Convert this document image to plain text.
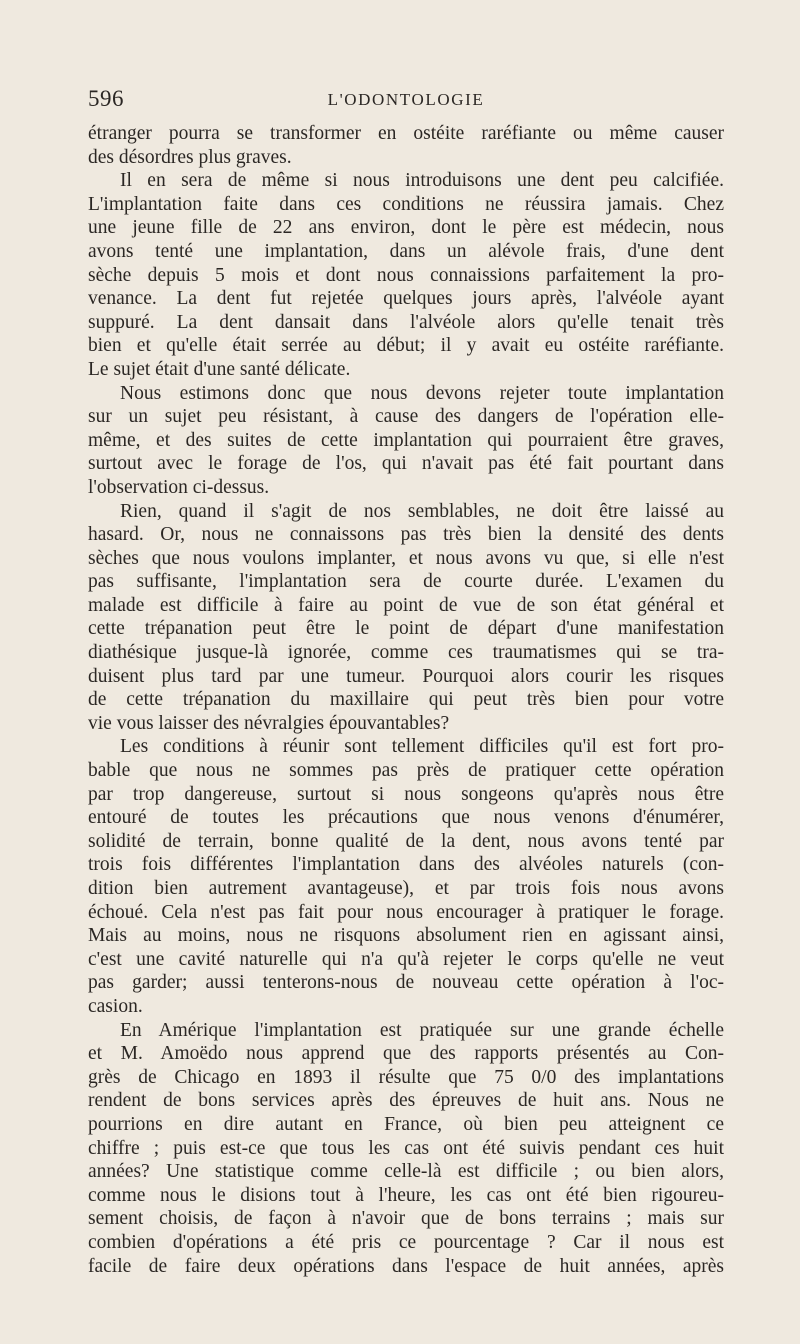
596	L'ODONTOLOGIE
étranger pourra se transformer en ostéite raréfiante ou même causer
des désordres plus graves.
Il en sera de même si nous introduisons une dent peu calcifiée.
L'implantation faite dans ces conditions ne réussira jamais. Chez
une jeune fille de 22 ans environ, dont le père est médecin, nous
avons tenté une implantation, dans un alévole frais, d'une dent
sèche depuis 5 mois et dont nous connaissions parfaitement la pro-
venance. La dent fut rejetée quelques jours après, l'alvéole ayant
suppuré. La dent dansait dans l'alvéole alors qu'elle tenait très
bien et qu'elle était serrée au début; il y avait eu ostéite raréfiante.
Le sujet était d'une santé délicate.
Nous estimons donc que nous devons rejeter toute implantation
sur un sujet peu résistant, à cause des dangers de l'opération elle-
même, et des suites de cette implantation qui pourraient être graves,
surtout avec le forage de l'os, qui n'avait pas été fait pourtant dans
l'observation ci-dessus.
Rien, quand il s'agit de nos semblables, ne doit être laissé au
hasard. Or, nous ne connaissons pas très bien la densité des dents
sèches que nous voulons implanter, et nous avons vu que, si elle n'est
pas suffisante, l'implantation sera de courte durée. L'examen du
malade est difficile à faire au point de vue de son état général et
cette trépanation peut être le point de départ d'une manifestation
diathésique jusque-là ignorée, comme ces traumatismes qui se tra-
duisent plus tard par une tumeur. Pourquoi alors courir les risques
de cette trépanation du maxillaire qui peut très bien pour votre
vie vous laisser des névralgies épouvantables?
Les conditions à réunir sont tellement difficiles qu'il est fort pro-
bable que nous ne sommes pas près de pratiquer cette opération
par trop dangereuse, surtout si nous songeons qu'après nous être
entouré de toutes les précautions que nous venons d'énumérer,
solidité de terrain, bonne qualité de la dent, nous avons tenté par
trois fois différentes l'implantation dans des alvéoles naturels (con-
dition bien autrement avantageuse), et par trois fois nous avons
échoué. Cela n'est pas fait pour nous encourager à pratiquer le forage.
Mais au moins, nous ne risquons absolument rien en agissant ainsi,
c'est une cavité naturelle qui n'a qu'à rejeter le corps qu'elle ne veut
pas garder; aussi tenterons-nous de nouveau cette opération à l'oc-
casion.
En Amérique l'implantation est pratiquée sur une grande échelle
et M. Amoëdo nous apprend que des rapports présentés au Con-
grès de Chicago en 1893 il résulte que 75 0/0 des implantations
rendent de bons services après des épreuves de huit ans. Nous ne
pourrions en dire autant en France, où bien peu atteignent ce
chiffre ; puis est-ce que tous les cas ont été suivis pendant ces huit
années? Une statistique comme celle-là est difficile ; ou bien alors,
comme nous le disions tout à l'heure, les cas ont été bien rigoureu-
sement choisis, de façon à n'avoir que de bons terrains ; mais sur
combien d'opérations a été pris ce pourcentage ? Car il nous est
facile de faire deux opérations dans l'espace de huit années, après
